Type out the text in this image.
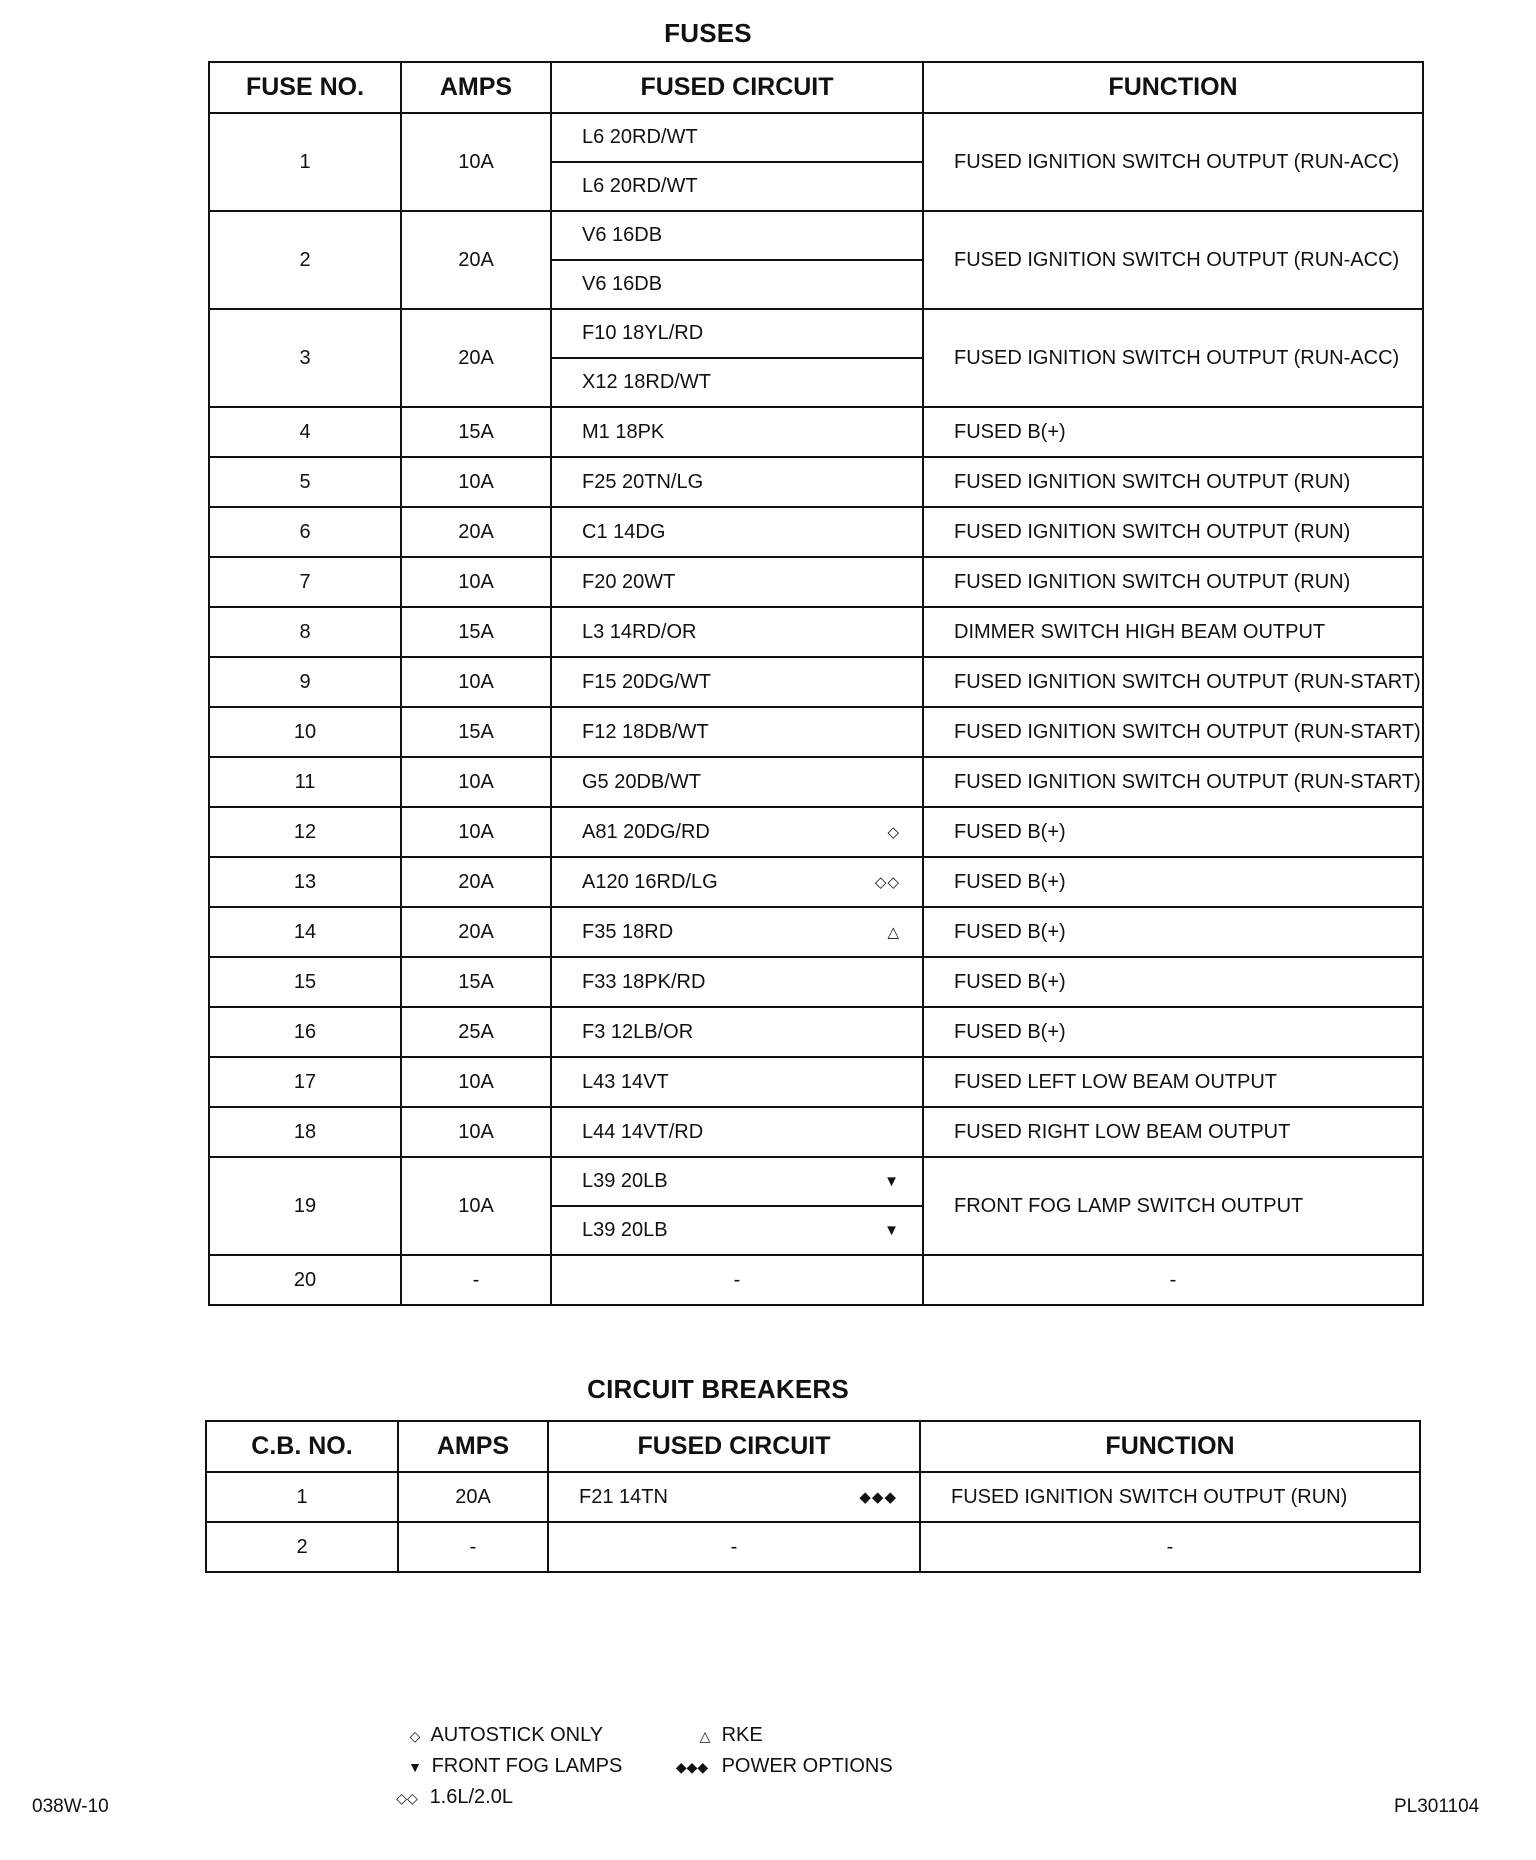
FUSES
FUSE NO.	AMPS	FUSED CIRCUIT	FUNCTION
1	10A	L6 20RD/WT	FUSED IGNITION SWITCH OUTPUT (RUN-ACC)

		L6 20RD/WT	

2	20A	V6 16DB	FUSED IGNITION SWITCH OUTPUT (RUN-ACC)

		V6 16DB	

3	20A	F10 18YL/RD	FUSED IGNITION SWITCH OUTPUT (RUN-ACC)

		X12 18RD/WT	

4	15A	M1 18PK	FUSED B(+)
5	10A	F25 20TN/LG	FUSED IGNITION SWITCH OUTPUT (RUN)
6	20A	C1 14DG	FUSED IGNITION SWITCH OUTPUT (RUN)
7	10A	F20 20WT	FUSED IGNITION SWITCH OUTPUT (RUN)
8	15A	L3 14RD/OR	DIMMER SWITCH HIGH BEAM OUTPUT
9	10A	F15 20DG/WT	FUSED IGNITION SWITCH OUTPUT (RUN-START)
10	15A	F12 18DB/WT	FUSED IGNITION SWITCH OUTPUT (RUN-START)
11	10A	G5 20DB/WT	FUSED IGNITION SWITCH OUTPUT (RUN-START)
12	10A	A81 20DG/RD ◇	FUSED B(+)
13	20A	A120 16RD/LG ◇◇	FUSED B(+)
14	20A	F35 18RD △	FUSED B(+)
15	15A	F33 18PK/RD	FUSED B(+)
16	25A	F3 12LB/OR	FUSED B(+)
17	10A	L43 14VT	FUSED LEFT LOW BEAM OUTPUT
18	10A	L44 14VT/RD	FUSED RIGHT LOW BEAM OUTPUT
19	10A	L39 20LB ▼	FRONT FOG LAMP SWITCH OUTPUT

		L39 20LB ▼	

20	-	-	-
CIRCUIT BREAKERS
C.B. NO.	AMPS	FUSED CIRCUIT	FUNCTION
1	20A	F21 14TN ◆◆◆	FUSED IGNITION SWITCH OUTPUT (RUN)
2	-	-	-
◇ AUTOSTICK ONLY
▼ FRONT FOG LAMPS
◇◇ 1.6L/2.0L
△ RKE
◆◆◆ POWER OPTIONS
038W-10	PL301104
